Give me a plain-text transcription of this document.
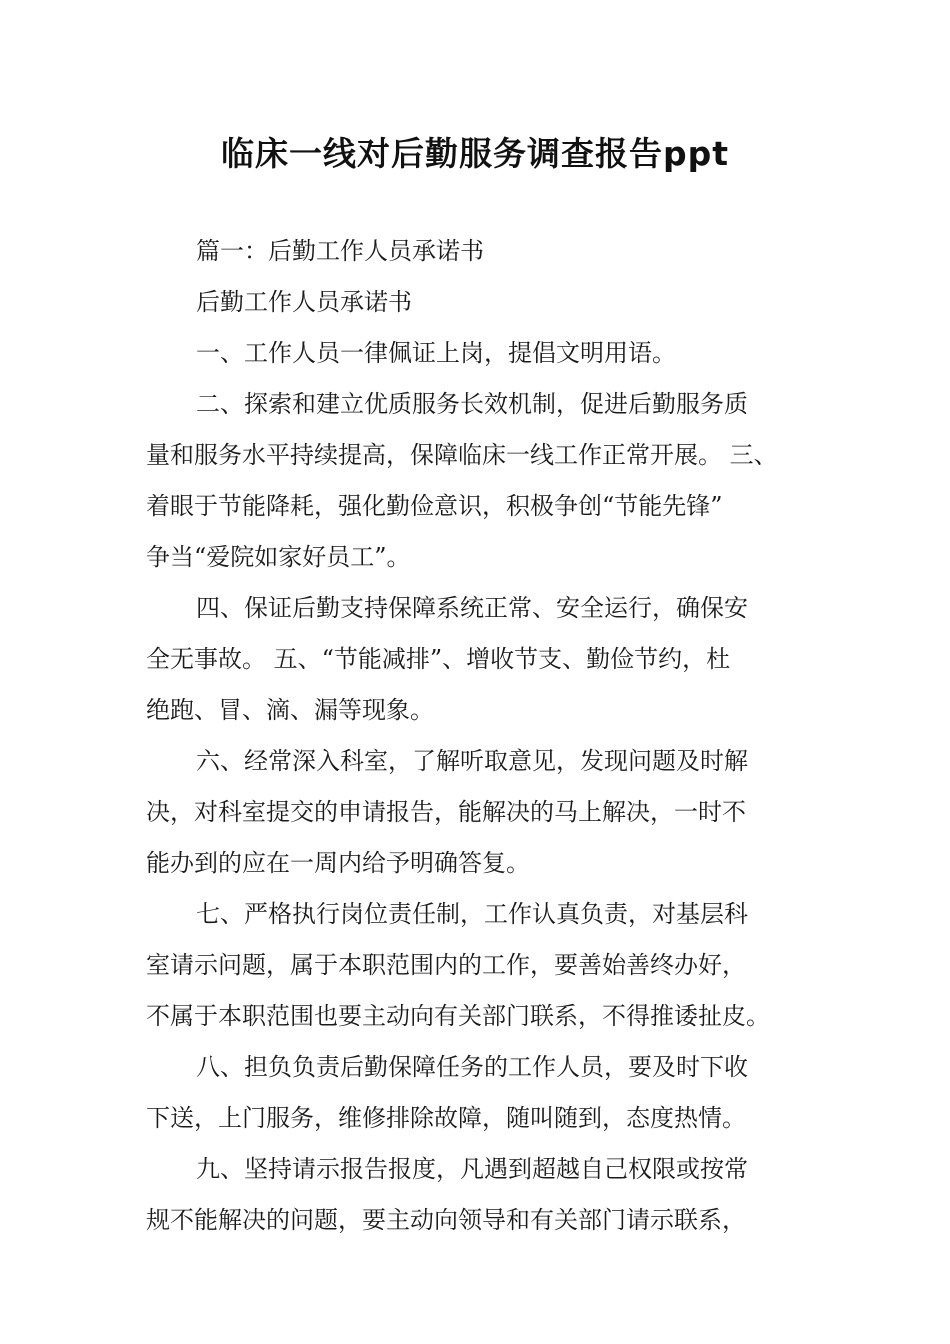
临床一线对后勤服务调查报告ppt
篇一：后勤工作人员承诺书
后勤工作人员承诺书
一、工作人员一律佩证上岗，提倡文明用语。
二、探索和建立优质服务长效机制，促进后勤服务质
量和服务水平持续提高，保障临床一线工作正常开展。 三、
着眼于节能降耗，强化勤俭意识，积极争创“节能先锋”
争当“爱院如家好员工”。
四、保证后勤支持保障系统正常、安全运行，确保安
全无事故。 五、“节能减排”、增收节支、勤俭节约，杜
绝跑、冒、滴、漏等现象。
六、经常深入科室，了解听取意见，发现问题及时解
决，对科室提交的申请报告，能解决的马上解决，一时不
能办到的应在一周内给予明确答复。
七、严格执行岗位责任制，工作认真负责，对基层科
室请示问题，属于本职范围内的工作，要善始善终办好，
不属于本职范围也要主动向有关部门联系，不得推诿扯皮。
八、担负负责后勤保障任务的工作人员，要及时下收
下送，上门服务，维修排除故障，随叫随到，态度热情。
九、坚持请示报告报度，凡遇到超越自己权限或按常
规不能解决的问题，要主动向领导和有关部门请示联系，
